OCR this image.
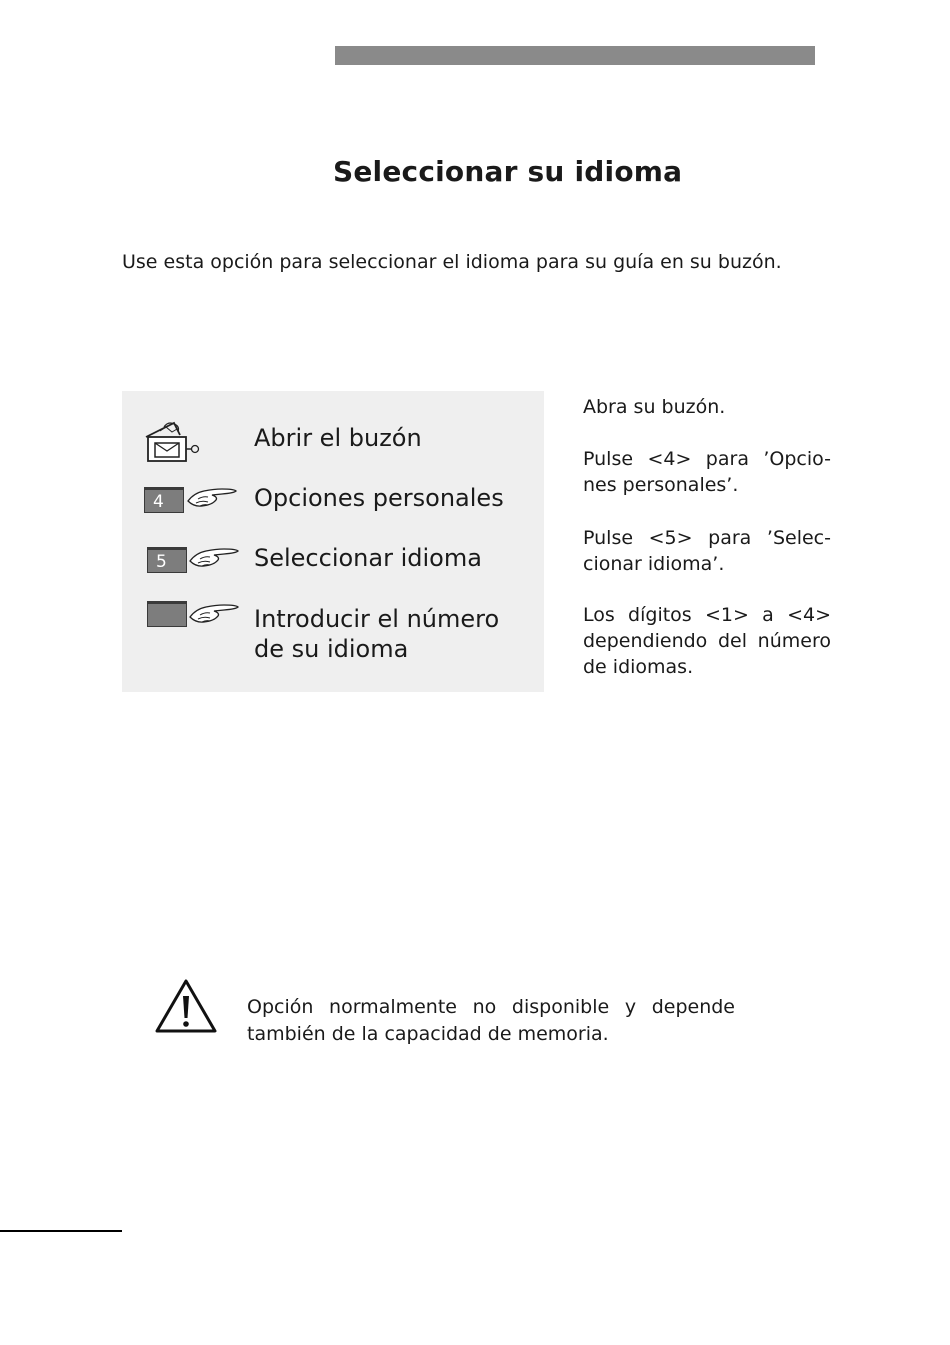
Seleccionar su idioma

Use esta opción para seleccionar el idioma para su guía en su buzón.

Abrir el buzón
4	Opciones personales
5	Seleccionar idioma
Introducir el número de su idioma

Abra su buzón.

Pulse <4> para ’Opcio-nes personales’.

Pulse <5> para ’Selec-cionar idioma’.

Los dígitos <1> a <4> dependiendo del número de idiomas.

Opción normalmente no disponible y depende también de la capacidad de memoria.
